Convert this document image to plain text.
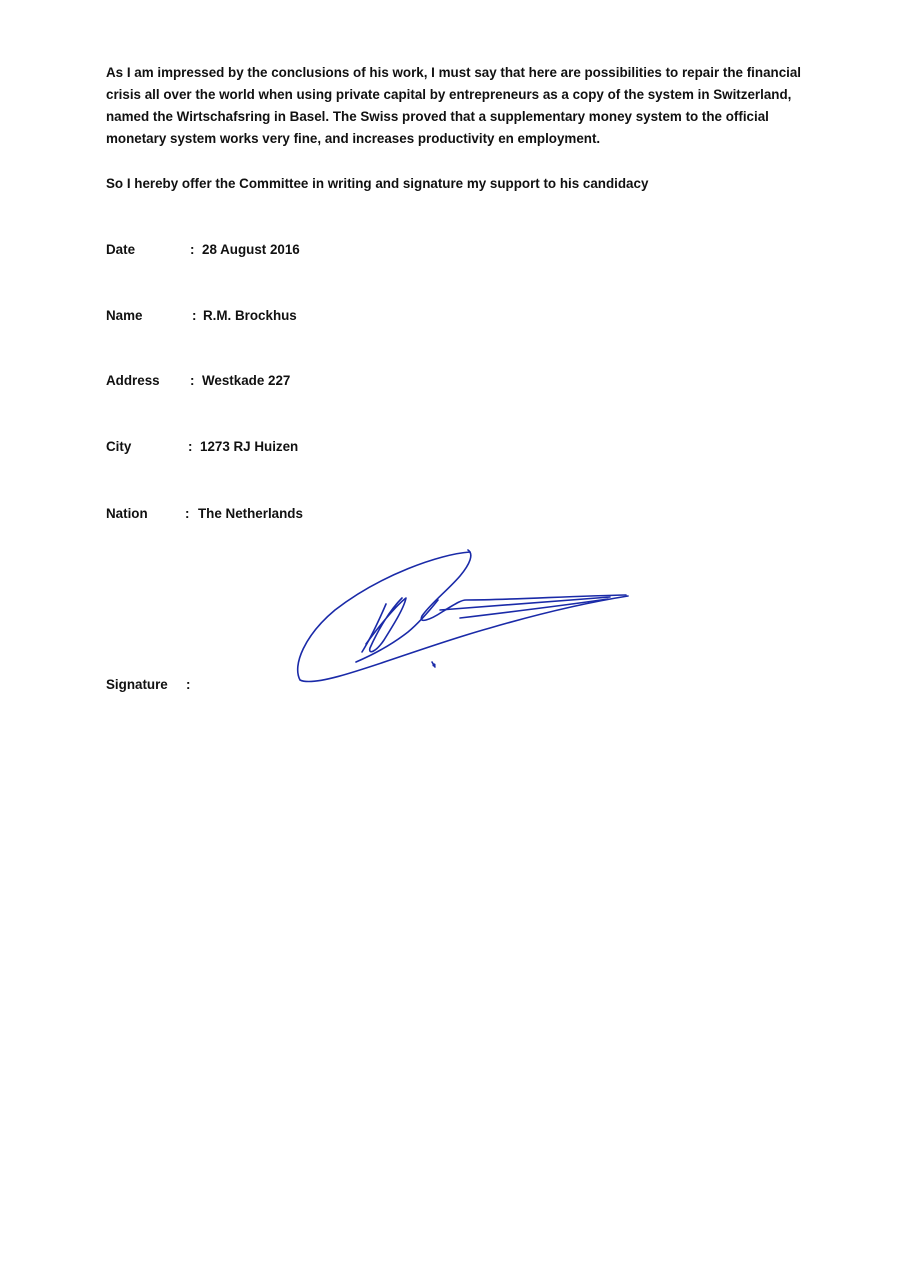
As I am impressed by the conclusions of his work, I must say that here are possibilities to repair the financial crisis all over the world when using private capital by entrepreneurs as a copy of the system in Switzerland, named the Wirtschafsring in Basel. The Swiss proved that a supplementary money system to the official monetary system works very fine, and increases productivity en employment.

So I hereby offer the Committee in writing and signature my support to his candidacy

Date	: 28 August 2016
Name	: R.M. Brockhus
Address : Westkade 227
City	: 1273 RJ Huizen
Nation	: The Netherlands
Signature :
